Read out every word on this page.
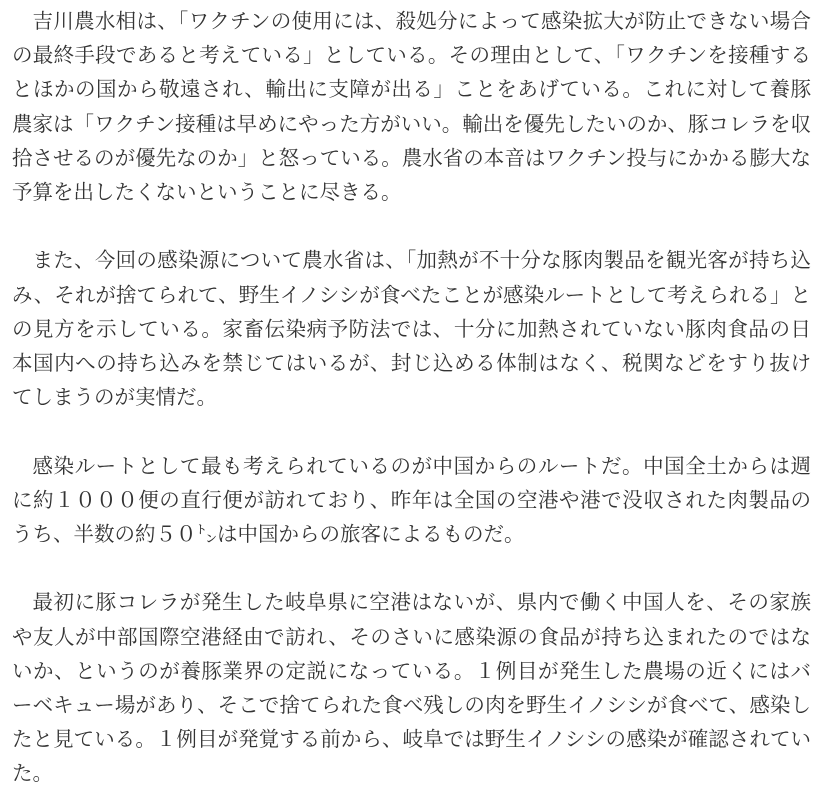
吉川農水相は、「ワクチンの使用には、殺処分によって感染拡大が防止できない場合の最終手段であると考えている」としている。その理由として、「ワクチンを接種するとほかの国から敬遠され、輸出に支障が出る」ことをあげている。これに対して養豚農家は「ワクチン接種は早めにやった方がいい。輸出を優先したいのか、豚コレラを収拾させるのが優先なのか」と怒っている。農水省の本音はワクチン投与にかかる膨大な予算を出したくないということに尽きる。

また、今回の感染源について農水省は、「加熱が不十分な豚肉製品を観光客が持ち込み、それが捨てられて、野生イノシシが食べたことが感染ルートとして考えられる」との見方を示している。家畜伝染病予防法では、十分に加熱されていない豚肉食品の日本国内への持ち込みを禁じてはいるが、封じ込める体制はなく、税関などをすり抜けてしまうのが実情だ。

感染ルートとして最も考えられているのが中国からのルートだ。中国全土からは週に約１０００便の直行便が訪れており、昨年は全国の空港や港で没収された肉製品のうち、半数の約５０㌧は中国からの旅客によるものだ。

最初に豚コレラが発生した岐阜県に空港はないが、県内で働く中国人を、その家族や友人が中部国際空港経由で訪れ、そのさいに感染源の食品が持ち込まれたのではないか、というのが養豚業界の定説になっている。１例目が発生した農場の近くにはバーベキュー場があり、そこで捨てられた食べ残しの肉を野生イノシシが食べて、感染したと見ている。１例目が発覚する前から、岐阜では野生イノシシの感染が確認されていた。
